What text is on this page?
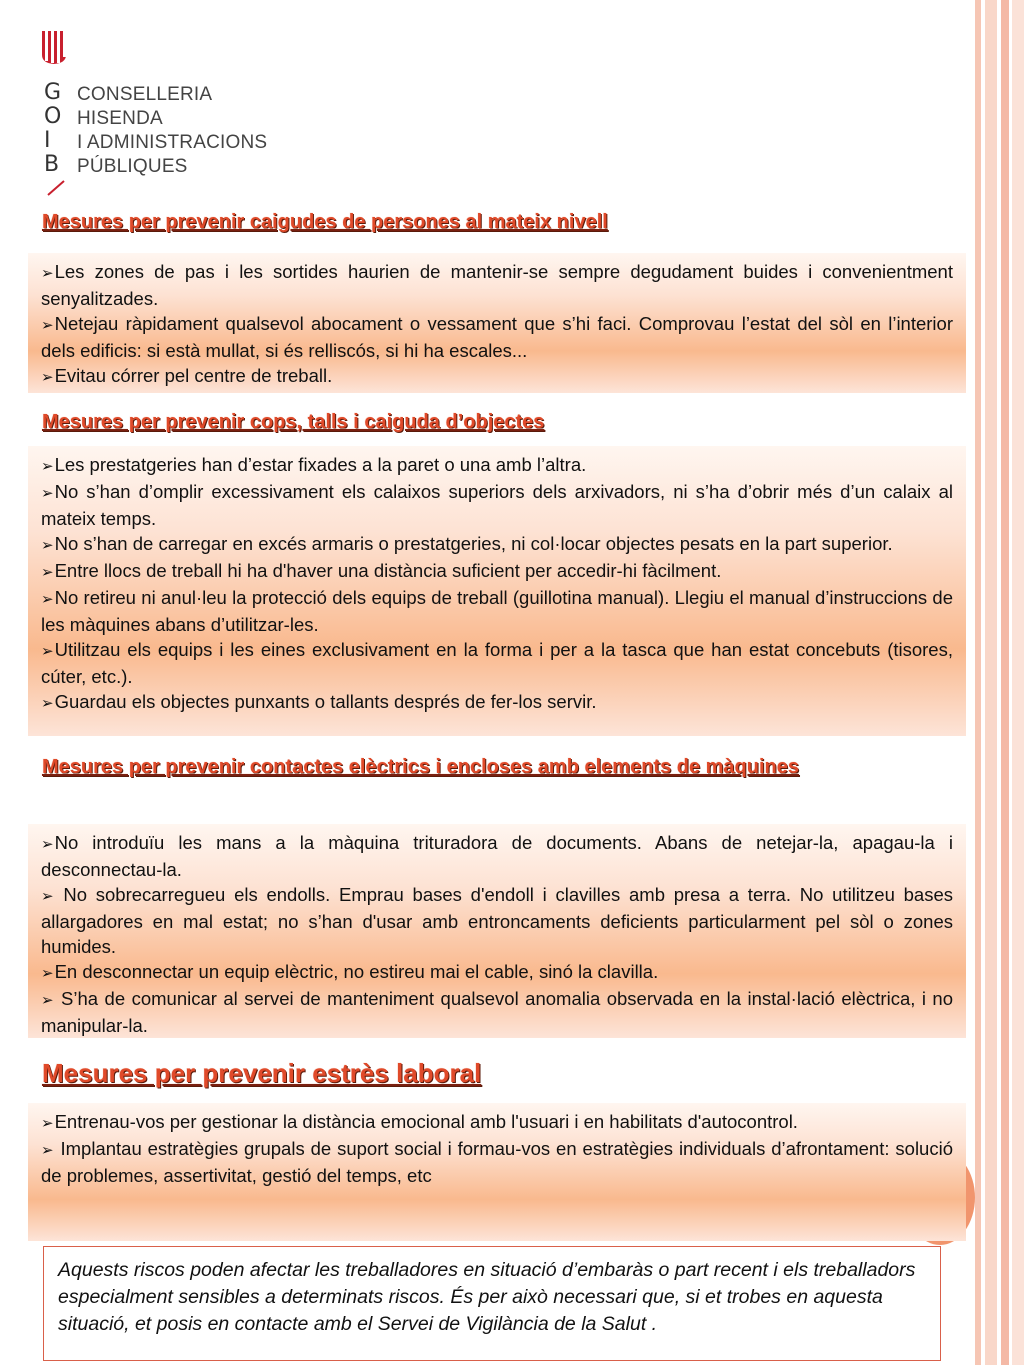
G
O
I
B
CONSELLERIA
HISENDA
I ADMINISTRACIONS
PÚBLIQUES
Mesures per prevenir caigudes de persones al mateix nivell

➢Les zones de pas i les sortides haurien de mantenir-se sempre degudament buides i convenientment senyalitzades.

➢Netejau ràpidament qualsevol abocament o vessament que s’hi faci. Comprovau l’estat del sòl en l’interior dels edificis: si està mullat, si és relliscós, si hi ha escales...

➢Evitau córrer pel centre de treball.

Mesures per prevenir cops, talls i caiguda d’objectes

➢Les prestatgeries han d’estar fixades a la paret o una amb l’altra.

➢No s’han d’omplir excessivament els calaixos superiors dels arxivadors, ni s’ha d’obrir més d’un calaix al mateix temps.

➢No s’han de carregar en excés armaris o prestatgeries, ni col·locar objectes pesats en la part superior.

➢Entre llocs de treball hi ha d'haver una distància suficient per accedir-hi fàcilment.

➢No retireu ni anul·leu la protecció dels equips de treball (guillotina manual). Llegiu el manual d’instruccions de les màquines abans d’utilitzar-les.

➢Utilitzau els equips i les eines exclusivament en la forma i per a la tasca que han estat concebuts (tisores, cúter, etc.).

➢Guardau els objectes punxants o tallants després de fer-los servir.

Mesures per prevenir contactes elèctrics i encloses amb elements de màquines

➢No introduïu les mans a la màquina trituradora de documents. Abans de netejar-la, apagau-la i desconnectau-la.

➢ No sobrecarregueu els endolls. Emprau bases d'endoll i clavilles amb presa a terra. No utilitzeu bases allargadores en mal estat; no s’han d'usar amb entroncaments deficients particularment pel sòl o zones humides.

➢En desconnectar un equip elèctric, no estireu mai el cable, sinó la clavilla.

➢ S’ha de comunicar al servei de manteniment qualsevol anomalia observada en la instal·lació elèctrica, i no manipular-la.

Mesures per prevenir estrès laboral

➢Entrenau-vos per gestionar la distància emocional amb l'usuari i en habilitats d'autocontrol.

➢ Implantau estratègies grupals de suport social i formau-vos en estratègies individuals d’afrontament: solució de problemes, assertivitat, gestió del temps, etc

Aquests riscos poden afectar les treballadores en situació d’embaràs o part recent i els treballadors especialment sensibles a determinats riscos. És per això necessari que, si et trobes en aquesta situació, et posis en contacte amb el Servei de Vigilància de la Salut .
